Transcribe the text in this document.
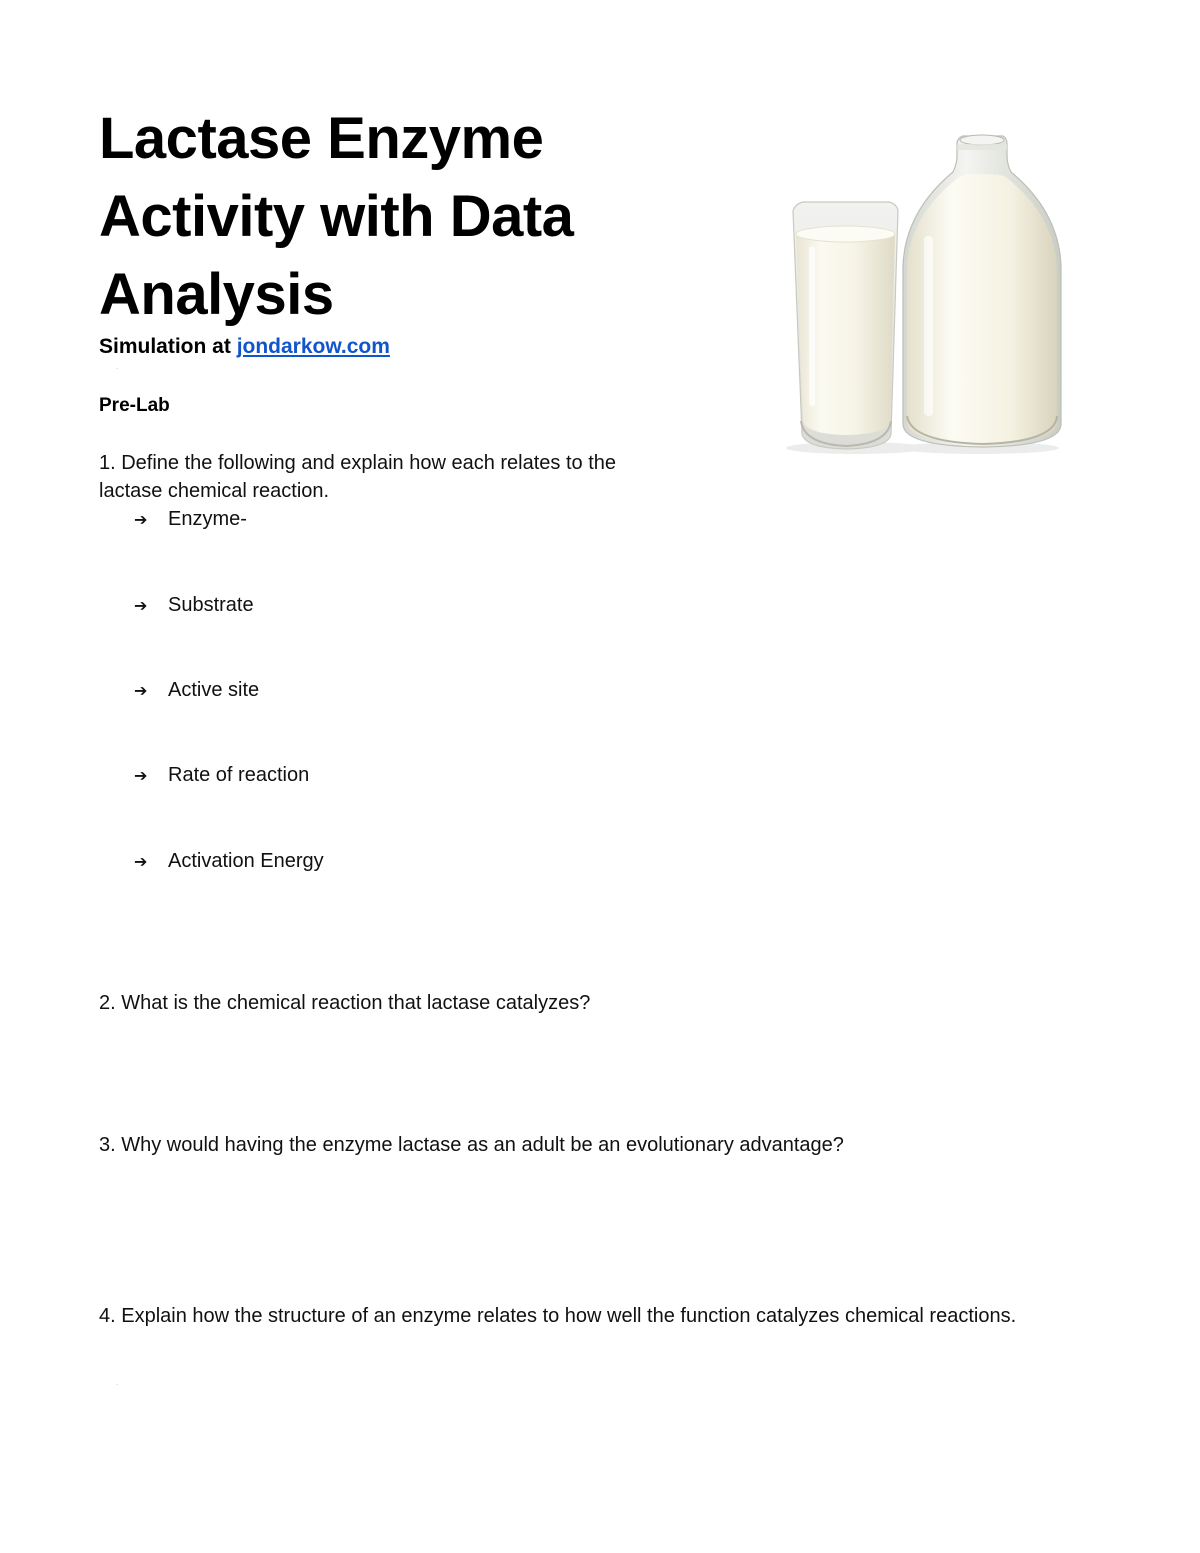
Lactase Enzyme Activity with Data Analysis
Simulation at jondarkow.com
·
Pre-Lab
1. Define the following and explain how each relates to the lactase chemical reaction.
➔ Enzyme-
➔ Substrate
➔ Active site
➔ Rate of reaction
➔ Activation Energy
2. What is the chemical reaction that lactase catalyzes?
3. Why would having the enzyme lactase as an adult be an evolutionary advantage?
4. Explain how the structure of an enzyme relates to how well the function catalyzes chemical reactions.
·
